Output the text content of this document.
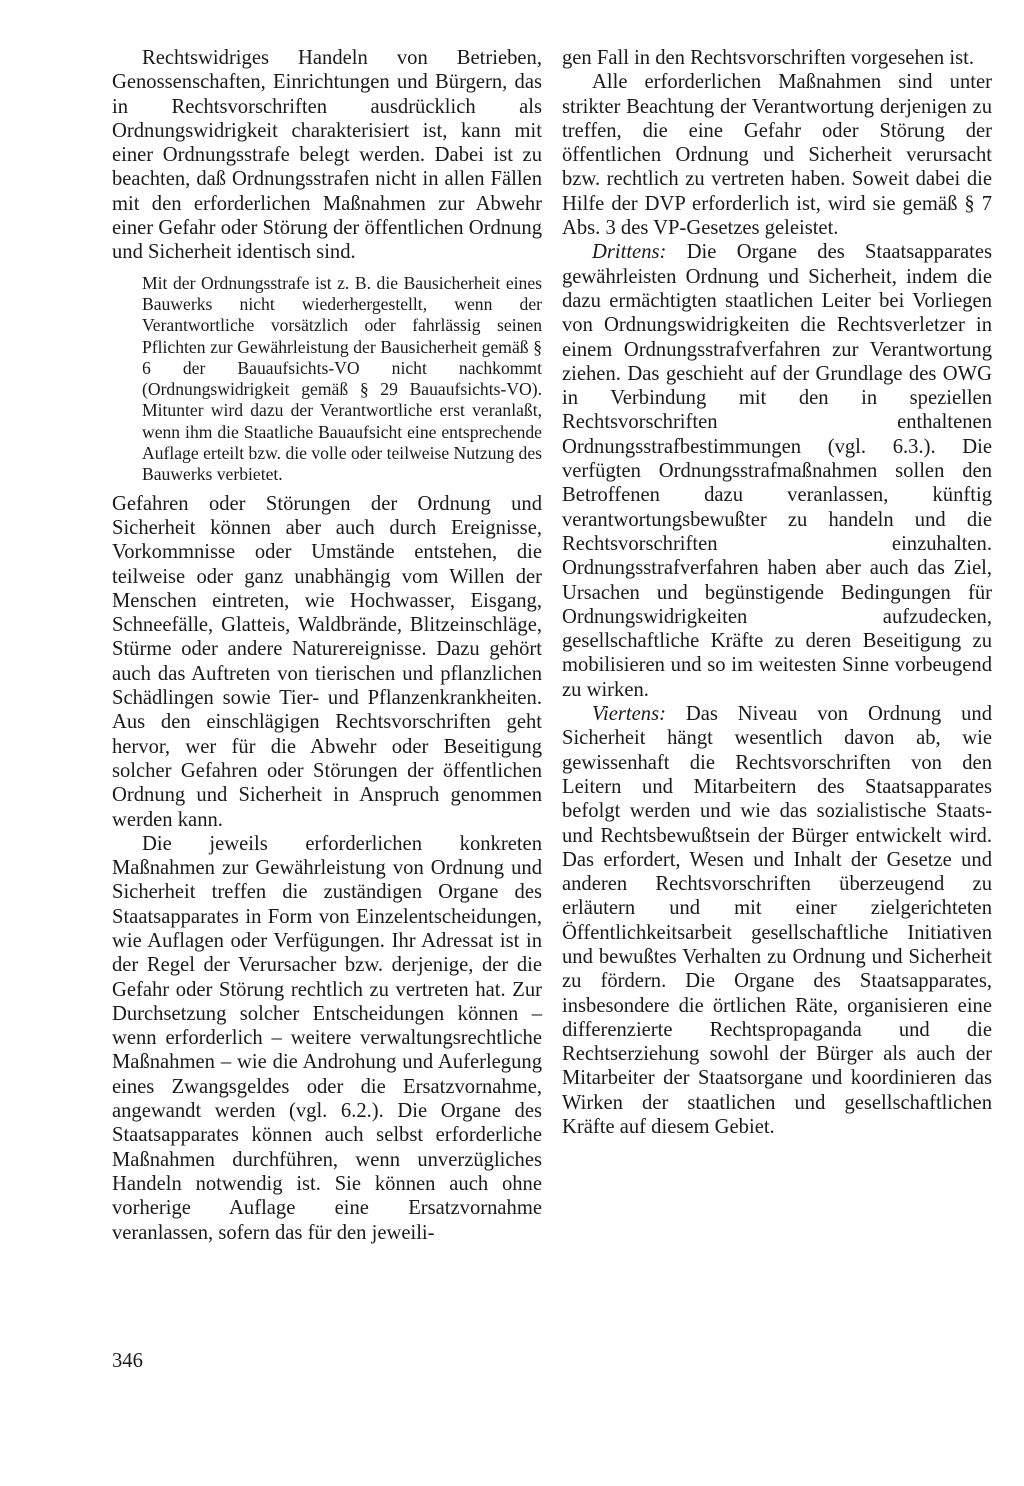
Rechtswidriges Handeln von Betrieben, Genossenschaften, Einrichtungen und Bürgern, das in Rechtsvorschriften ausdrücklich als Ordnungswidrigkeit charakterisiert ist, kann mit einer Ordnungsstrafe belegt werden. Dabei ist zu beachten, daß Ordnungsstrafen nicht in allen Fällen mit den erforderlichen Maßnahmen zur Abwehr einer Gefahr oder Störung der öffentlichen Ordnung und Sicherheit identisch sind.

Mit der Ordnungsstrafe ist z. B. die Bausicherheit eines Bauwerks nicht wiederhergestellt, wenn der Verantwortliche vorsätzlich oder fahrlässig seinen Pflichten zur Gewährleistung der Bausicherheit gemäß § 6 der Bauaufsichts-VO nicht nachkommt (Ordnungswidrigkeit gemäß § 29 Bauaufsichts-VO). Mitunter wird dazu der Verantwortliche erst veranlaßt, wenn ihm die Staatliche Bauaufsicht eine entsprechende Auflage erteilt bzw. die volle oder teilweise Nutzung des Bauwerks verbietet.

Gefahren oder Störungen der Ordnung und Sicherheit können aber auch durch Ereignisse, Vorkommnisse oder Umstände entstehen, die teilweise oder ganz unabhängig vom Willen der Menschen eintreten, wie Hochwasser, Eisgang, Schneefälle, Glatteis, Waldbrände, Blitzeinschläge, Stürme oder andere Naturereignisse. Dazu gehört auch das Auftreten von tierischen und pflanzlichen Schädlingen sowie Tier- und Pflanzenkrankheiten. Aus den einschlägigen Rechtsvorschriften geht hervor, wer für die Abwehr oder Beseitigung solcher Gefahren oder Störungen der öffentlichen Ordnung und Sicherheit in Anspruch genommen werden kann.

Die jeweils erforderlichen konkreten Maßnahmen zur Gewährleistung von Ordnung und Sicherheit treffen die zuständigen Organe des Staatsapparates in Form von Einzelentscheidungen, wie Auflagen oder Verfügungen. Ihr Adressat ist in der Regel der Verursacher bzw. derjenige, der die Gefahr oder Störung rechtlich zu vertreten hat. Zur Durchsetzung solcher Entscheidungen können – wenn erforderlich – weitere verwaltungsrechtliche Maßnahmen – wie die Androhung und Auferlegung eines Zwangsgeldes oder die Ersatzvornahme, angewandt werden (vgl. 6.2.). Die Organe des Staatsapparates können auch selbst erforderliche Maßnahmen durchführen, wenn unverzügliches Handeln notwendig ist. Sie können auch ohne vorherige Auflage eine Ersatzvornahme veranlassen, sofern das für den jeweili-

gen Fall in den Rechtsvorschriften vorgesehen ist.

Alle erforderlichen Maßnahmen sind unter strikter Beachtung der Verantwortung derjenigen zu treffen, die eine Gefahr oder Störung der öffentlichen Ordnung und Sicherheit verursacht bzw. rechtlich zu vertreten haben. Soweit dabei die Hilfe der DVP erforderlich ist, wird sie gemäß § 7 Abs. 3 des VP-Gesetzes geleistet.

Drittens: Die Organe des Staatsapparates gewährleisten Ordnung und Sicherheit, indem die dazu ermächtigten staatlichen Leiter bei Vorliegen von Ordnungswidrigkeiten die Rechtsverletzer in einem Ordnungsstrafverfahren zur Verantwortung ziehen. Das geschieht auf der Grundlage des OWG in Verbindung mit den in speziellen Rechtsvorschriften enthaltenen Ordnungsstrafbestimmungen (vgl. 6.3.). Die verfügten Ordnungsstrafmaßnahmen sollen den Betroffenen dazu veranlassen, künftig verantwortungsbewußter zu handeln und die Rechtsvorschriften einzuhalten. Ordnungsstrafverfahren haben aber auch das Ziel, Ursachen und begünstigende Bedingungen für Ordnungswidrigkeiten aufzudecken, gesellschaftliche Kräfte zu deren Beseitigung zu mobilisieren und so im weitesten Sinne vorbeugend zu wirken.

Viertens: Das Niveau von Ordnung und Sicherheit hängt wesentlich davon ab, wie gewissenhaft die Rechtsvorschriften von den Leitern und Mitarbeitern des Staatsapparates befolgt werden und wie das sozialistische Staats- und Rechtsbewußtsein der Bürger entwickelt wird. Das erfordert, Wesen und Inhalt der Gesetze und anderen Rechtsvorschriften überzeugend zu erläutern und mit einer zielgerichteten Öffentlichkeitsarbeit gesellschaftliche Initiativen und bewußtes Verhalten zu Ordnung und Sicherheit zu fördern. Die Organe des Staatsapparates, insbesondere die örtlichen Räte, organisieren eine differenzierte Rechtspropaganda und die Rechtserziehung sowohl der Bürger als auch der Mitarbeiter der Staatsorgane und koordinieren das Wirken der staatlichen und gesellschaftlichen Kräfte auf diesem Gebiet.

346
